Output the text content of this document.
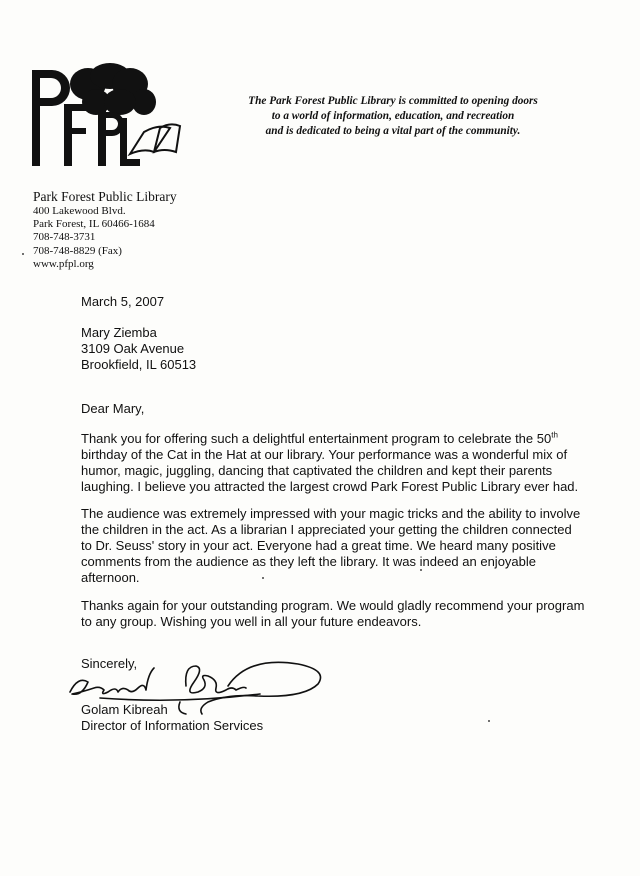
PFPL
The Park Forest Public Library is committed to opening doors
to a world of information, education, and recreation
and is dedicated to being a vital part of the community.
Park Forest Public Library
400 Lakewood Blvd.
Park Forest, IL 60466-1684
708-748-3731
708-748-8829 (Fax)
www.pfpl.org
March 5, 2007
Mary Ziemba
3109 Oak Avenue
Brookfield, IL 60513
Dear Mary,
Thank you for offering such a delightful entertainment program to celebrate the 50th
birthday of the Cat in the Hat at our library. Your performance was a wonderful mix of
humor, magic, juggling, dancing that captivated the children and kept their parents
laughing. I believe you attracted the largest crowd Park Forest Public Library ever had.
The audience was extremely impressed with your magic tricks and the ability to involve
the children in the act. As a librarian I appreciated your getting the children connected
to Dr. Seuss' story in your act. Everyone had a great time. We heard many positive
comments from the audience as they left the library. It was indeed an enjoyable
afternoon.
Thanks again for your outstanding program. We would gladly recommend your program
to any group. Wishing you well in all your future endeavors.
Sincerely,
Golam Kibreah
Director of Information Services
